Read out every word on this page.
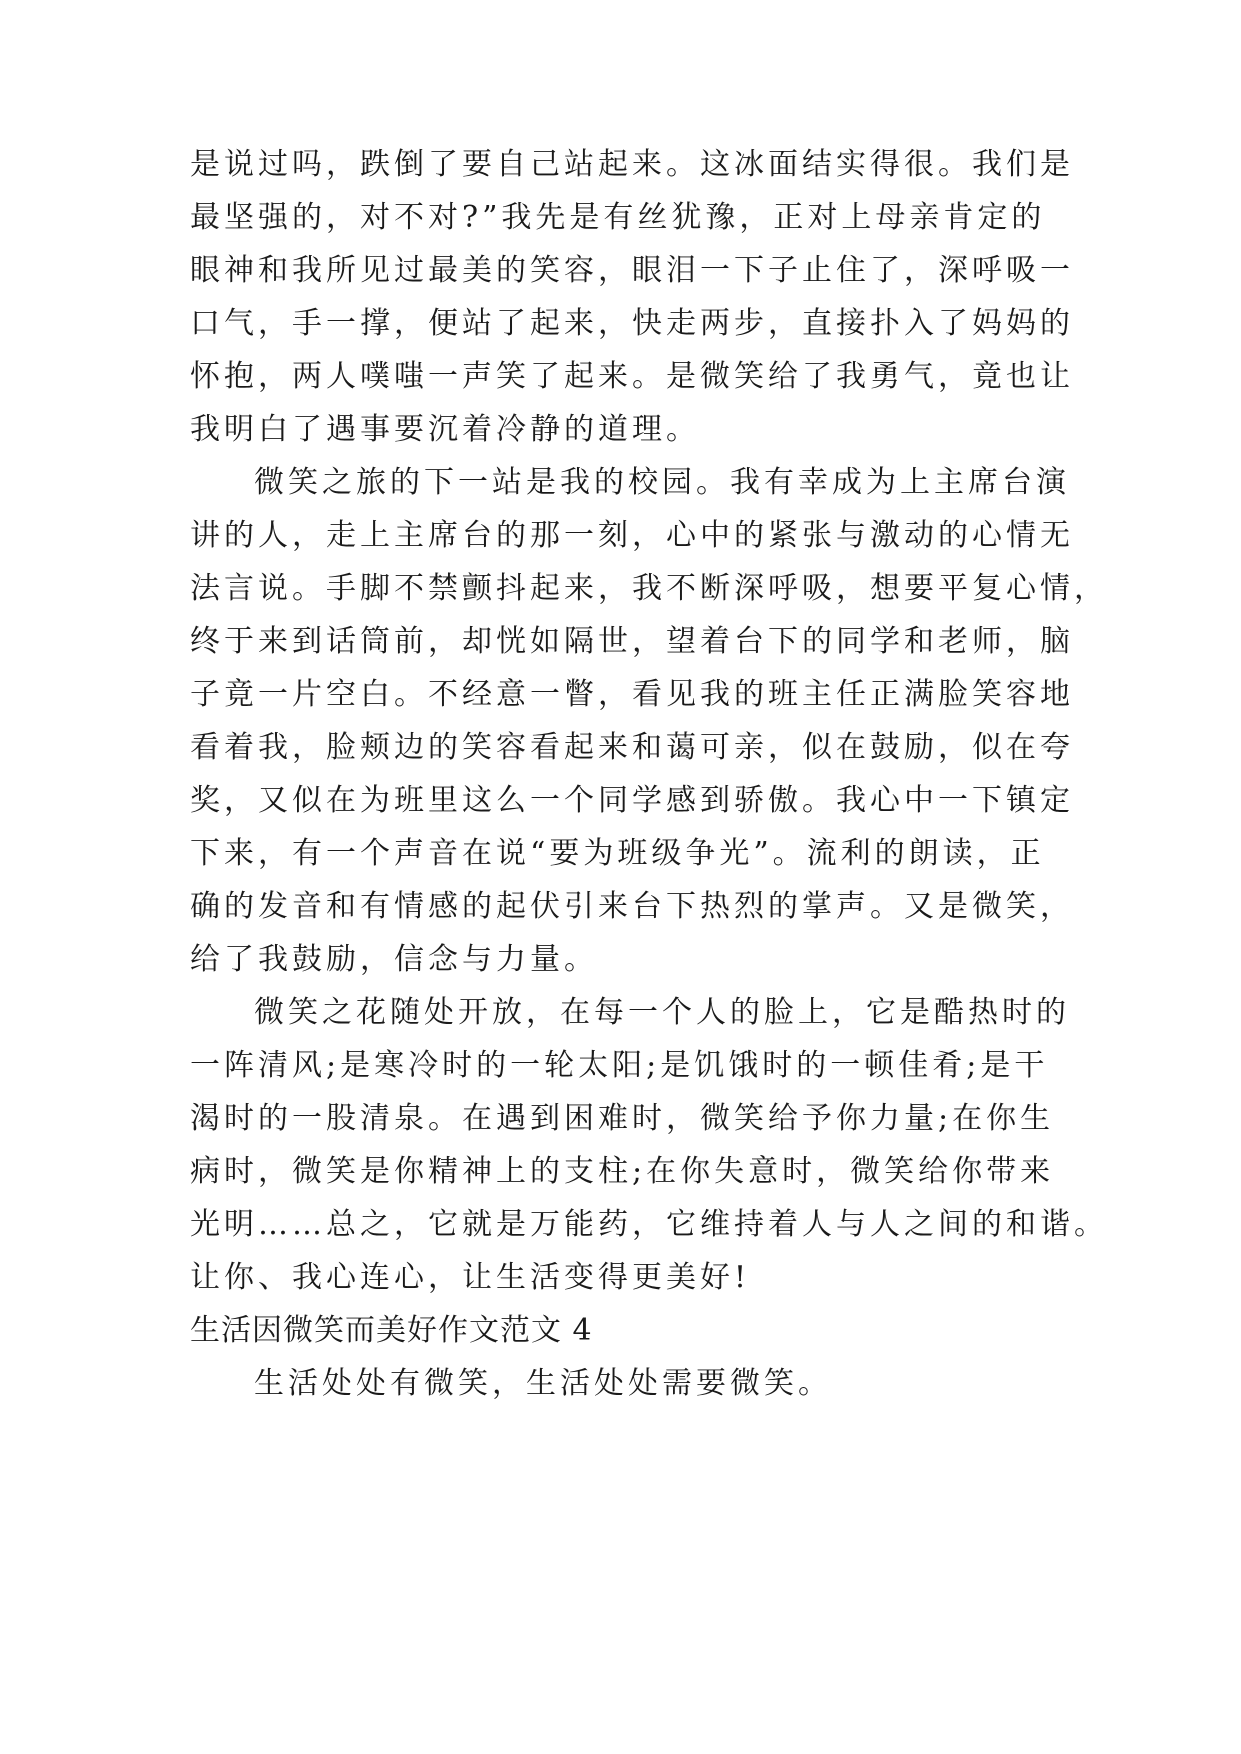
是说过吗，跌倒了要自己站起来。这冰面结实得很。我们是
最坚强的，对不对?”我先是有丝犹豫，正对上母亲肯定的
眼神和我所见过最美的笑容，眼泪一下子止住了，深呼吸一
口气，手一撑，便站了起来，快走两步，直接扑入了妈妈的
怀抱，两人噗嗤一声笑了起来。是微笑给了我勇气，竟也让
我明白了遇事要沉着冷静的道理。
微笑之旅的下一站是我的校园。我有幸成为上主席台演
讲的人，走上主席台的那一刻，心中的紧张与激动的心情无
法言说。手脚不禁颤抖起来，我不断深呼吸，想要平复心情，
终于来到话筒前，却恍如隔世，望着台下的同学和老师，脑
子竟一片空白。不经意一瞥，看见我的班主任正满脸笑容地
看着我，脸颊边的笑容看起来和蔼可亲，似在鼓励，似在夸
奖，又似在为班里这么一个同学感到骄傲。我心中一下镇定
下来，有一个声音在说“要为班级争光”。流利的朗读，正
确的发音和有情感的起伏引来台下热烈的掌声。又是微笑，
给了我鼓励，信念与力量。
微笑之花随处开放，在每一个人的脸上，它是酷热时的
一阵清风;是寒冷时的一轮太阳;是饥饿时的一顿佳肴;是干
渴时的一股清泉。在遇到困难时，微笑给予你力量;在你生
病时，微笑是你精神上的支柱;在你失意时，微笑给你带来
光明……总之，它就是万能药，它维持着人与人之间的和谐。
让你、我心连心，让生活变得更美好!
生活因微笑而美好作文范文 4
生活处处有微笑，生活处处需要微笑。
